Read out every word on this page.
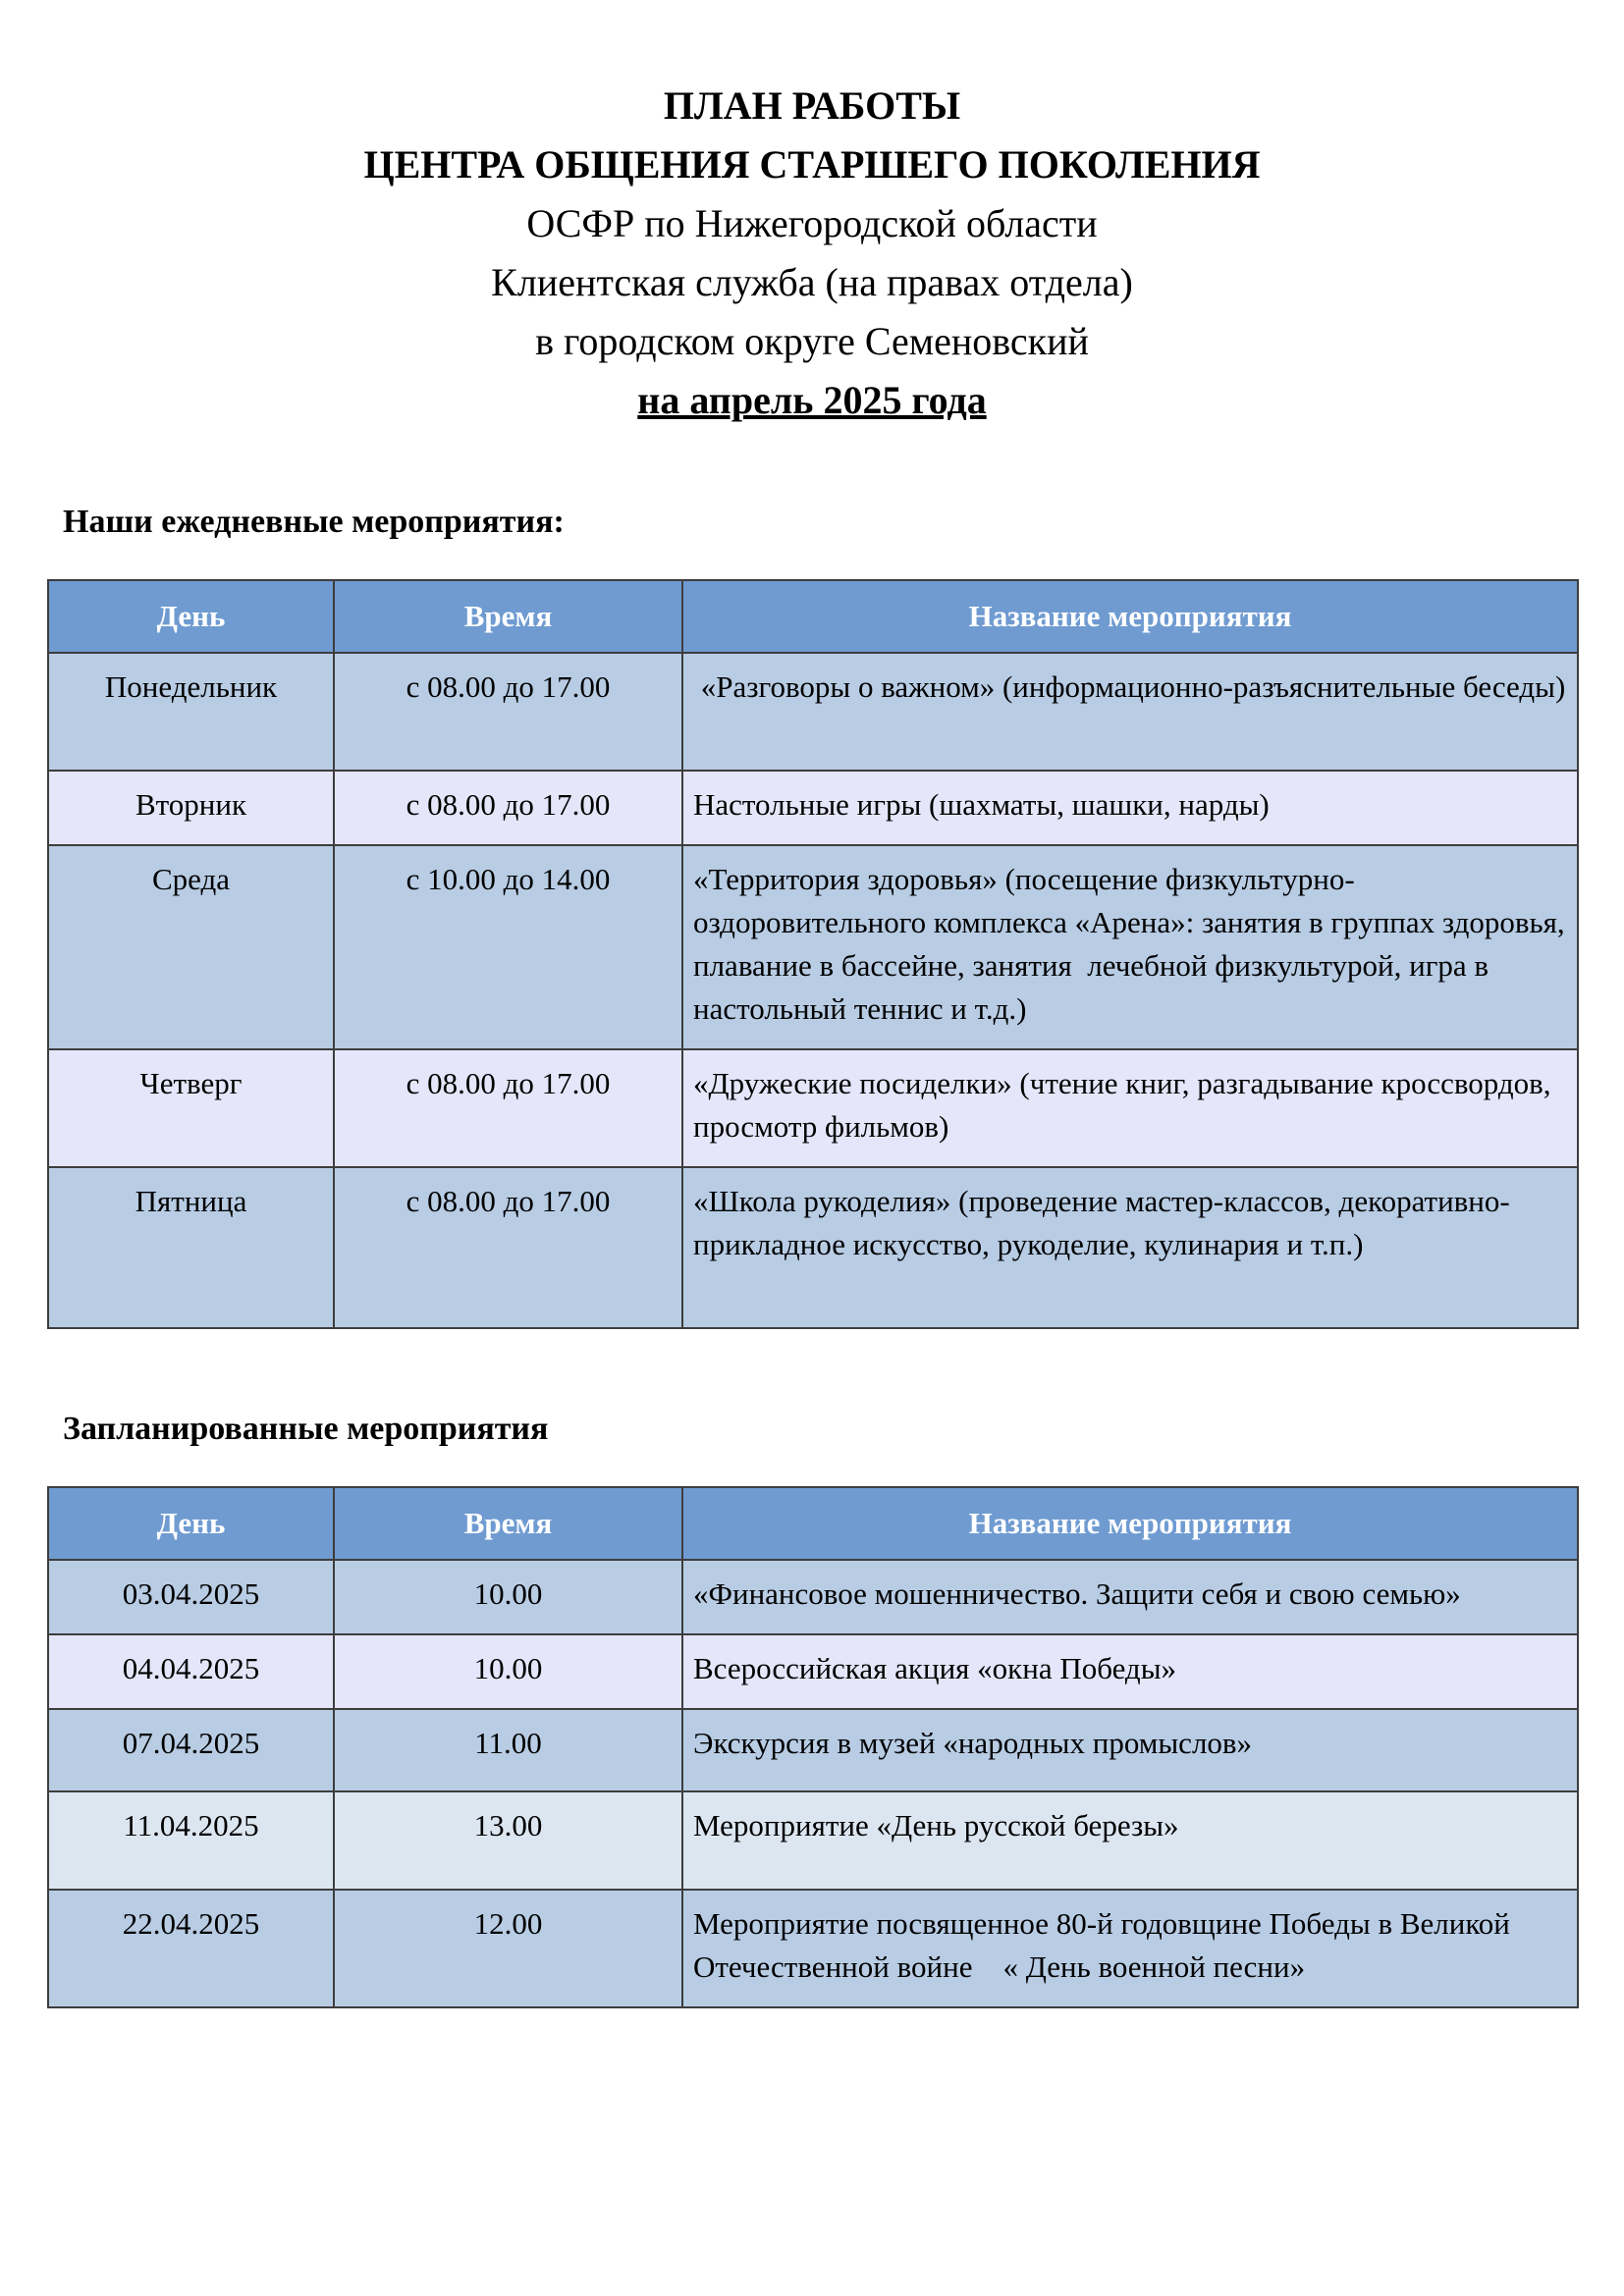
ПЛАН РАБОТЫ
ЦЕНТРА ОБЩЕНИЯ СТАРШЕГО ПОКОЛЕНИЯ
ОСФР по Нижегородской области
Клиентская служба (на правах отдела)
в городском округе Семеновский
на апрель 2025 года
Наши ежедневные мероприятия:
День	Время	Название мероприятия
Понедельник	с 08.00 до 17.00	«Разговоры о важном» (информационно-разъяснительные беседы)
Вторник	с 08.00 до 17.00	Настольные игры (шахматы, шашки, нарды)
Среда	с 10.00 до 14.00	«Территория здоровья» (посещение физкультурно-оздоровительного комплекса «Арена»: занятия в группах здоровья, плавание в бассейне, занятия  лечебной физкультурой, игра в настольный теннис и т.д.)
Четверг	с 08.00 до 17.00	«Дружеские посиделки» (чтение книг, разгадывание кроссвордов, просмотр фильмов)
Пятница	с 08.00 до 17.00	«Школа рукоделия» (проведение мастер-классов, декоративно-прикладное искусство, рукоделие, кулинария и т.п.)
Запланированные мероприятия
День	Время	Название мероприятия
03.04.2025	10.00	«Финансовое мошенничество. Защити себя и свою семью»
04.04.2025	10.00	Всероссийская акция «окна Победы»
07.04.2025	11.00	Экскурсия в музей «народных промыслов»
11.04.2025	13.00	Мероприятие «День русской березы»
22.04.2025	12.00	Мероприятие посвященное 80-й годовщине Победы в Великой Отечественной войне    « День военной песни»
